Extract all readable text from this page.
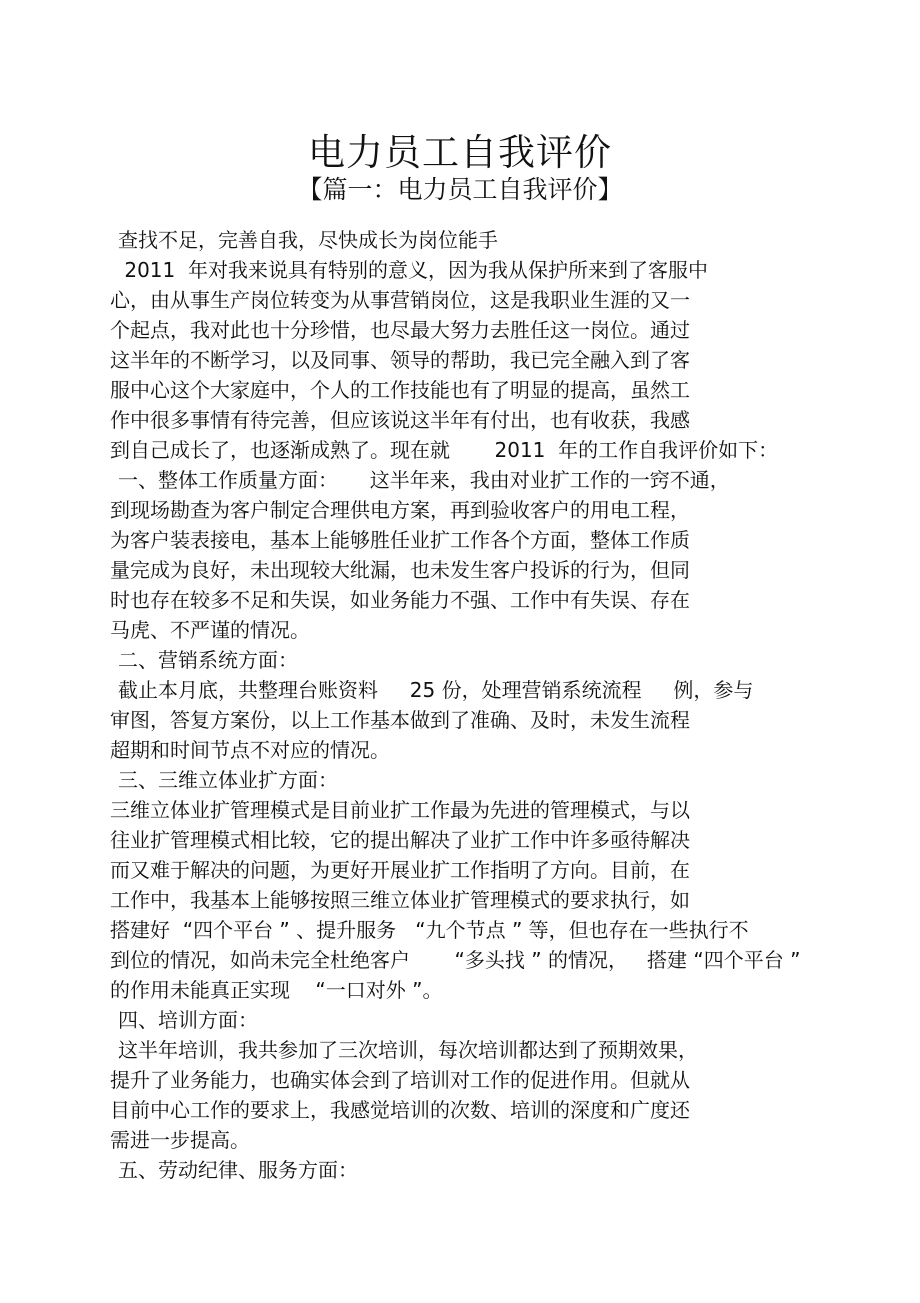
电力员工自我评价
【篇一：电力员工自我评价】
查找不足，完善自我，尽快成长为岗位能手
2011  年对我来说具有特别的意义，因为我从保护所来到了客服中
心，由从事生产岗位转变为从事营销岗位，这是我职业生涯的又一
个起点，我对此也十分珍惜，也尽最大努力去胜任这一岗位。通过
这半年的不断学习，以及同事、领导的帮助，我已完全融入到了客
服中心这个大家庭中，个人的工作技能也有了明显的提高，虽然工
作中很多事情有待完善，但应该说这半年有付出，也有收获，我感
到自己成长了，也逐渐成熟了。现在就       2011  年的工作自我评价如下：
一、整体工作质量方面：     这半年来，我由对业扩工作的一窍不通，
到现场勘查为客户制定合理供电方案，再到验收客户的用电工程，
为客户装表接电，基本上能够胜任业扩工作各个方面，整体工作质
量完成为良好，未出现较大纰漏，也未发生客户投诉的行为，但同
时也存在较多不足和失误，如业务能力不强、工作中有失误、存在
马虎、不严谨的情况。
二、营销系统方面：
截止本月底，共整理台账资料     25 份，处理营销系统流程     例，参与
审图，答复方案份，以上工作基本做到了准确、及时，未发生流程
超期和时间节点不对应的情况。
三、三维立体业扩方面：
三维立体业扩管理模式是目前业扩工作最为先进的管理模式，与以
往业扩管理模式相比较，它的提出解决了业扩工作中许多亟待解决
而又难于解决的问题，为更好开展业扩工作指明了方向。目前，在
工作中，我基本上能够按照三维立体业扩管理模式的要求执行，如
搭建好  “四个平台 ” 、提升服务   “九个节点 ” 等，但也存在一些执行不
到位的情况，如尚未完全杜绝客户       “多头找 ” 的情况，   搭建 “四个平台 ”
的作用未能真正实现    “一口对外 ”。
四、培训方面：
这半年培训，我共参加了三次培训，每次培训都达到了预期效果，
提升了业务能力，也确实体会到了培训对工作的促进作用。但就从
目前中心工作的要求上，我感觉培训的次数、培训的深度和广度还
需进一步提高。
五、劳动纪律、服务方面：
